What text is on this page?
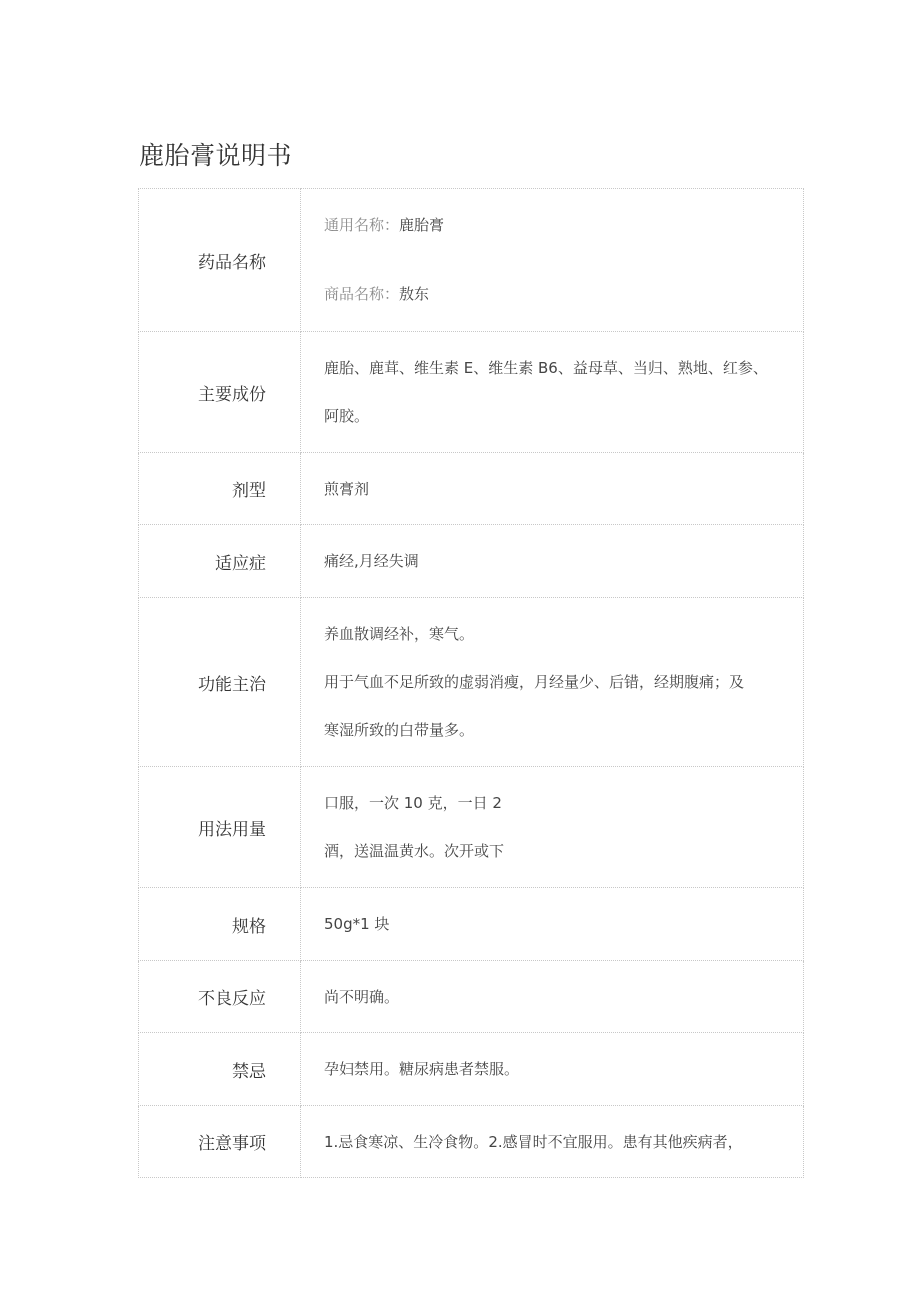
鹿胎膏说明书
药品名称	通用名称：鹿胎膏
商品名称：敖东

主要成份	鹿胎、鹿茸、维生素 E、维生素 B6、益母草、当归、熟地、红参、
阿胶。

剂型	煎膏剂

适应症	痛经,月经失调

功能主治	养血散调经补，寒气。
用于气血不足所致的虚弱消瘦，月经量少、后错，经期腹痛；及
寒湿所致的白带量多。

用法用量	口服，一次 10 克，一日 2
酒，送温温黄水。次开或下

规格	50g*1 块

不良反应	尚不明确。

禁忌	孕妇禁用。糖尿病患者禁服。

注意事项	1.忌食寒凉、生冷食物。2.感冒时不宜服用。患有其他疾病者，
